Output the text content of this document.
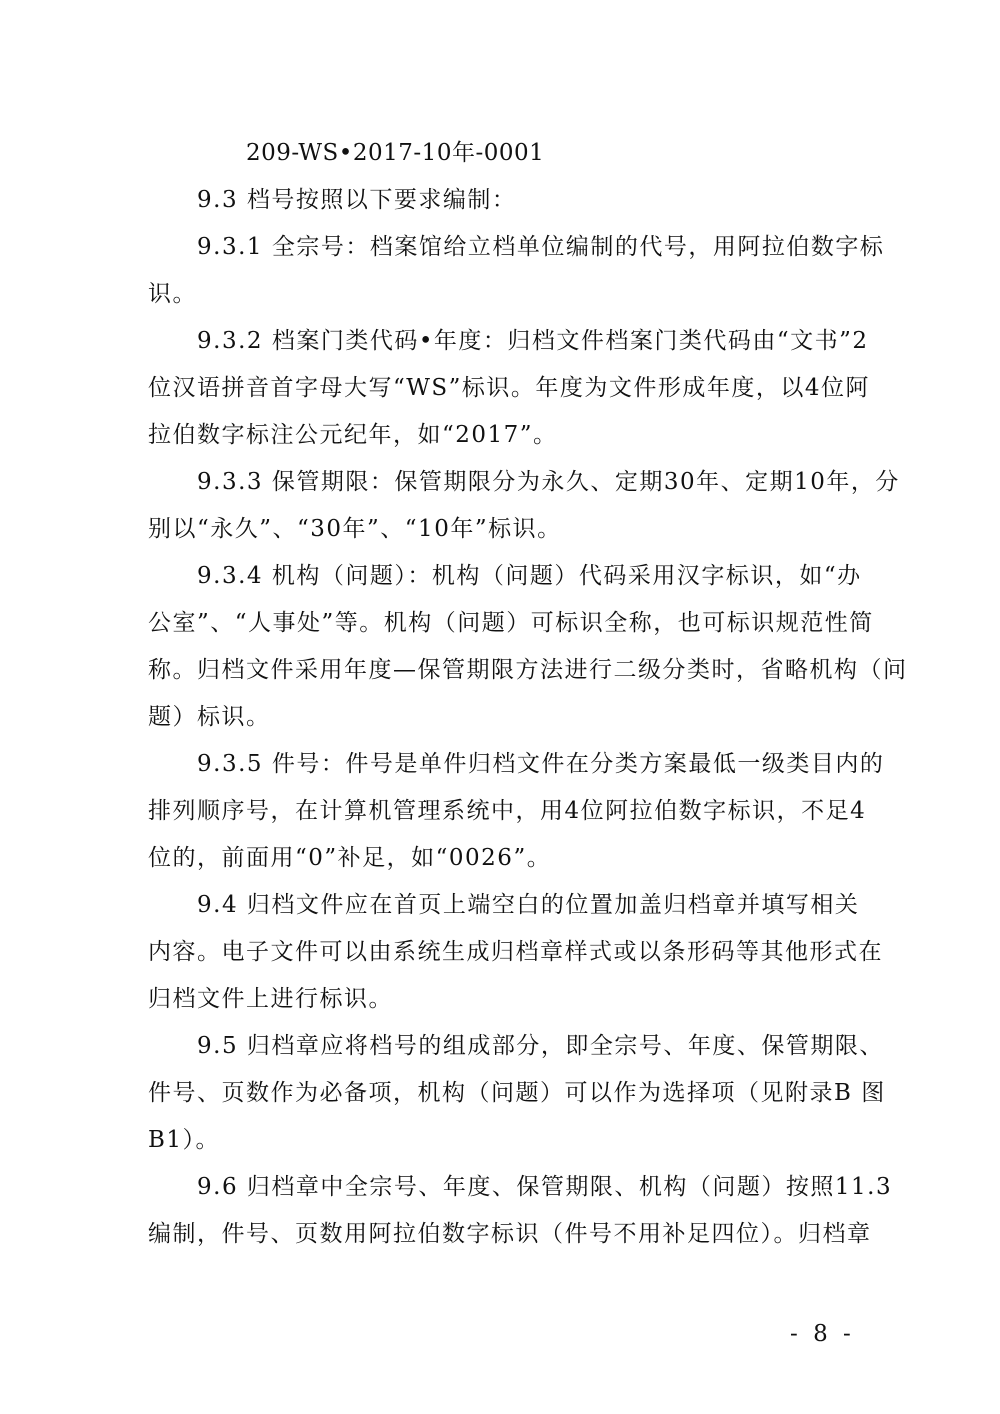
209-WS•2017-10年-0001
9.3 档号按照以下要求编制：
9.3.1 全宗号：档案馆给立档单位编制的代号，用阿拉伯数字标
识。
9.3.2 档案门类代码•年度：归档文件档案门类代码由“文书”2
位汉语拼音首字母大写“WS”标识。年度为文件形成年度，以4位阿
拉伯数字标注公元纪年，如“2017”。
9.3.3 保管期限：保管期限分为永久、定期30年、定期10年，分
别以“永久”、“30年”、“10年”标识。
9.3.4 机构（问题）：机构（问题）代码采用汉字标识，如“办
公室”、“人事处”等。机构（问题）可标识全称，也可标识规范性简
称。归档文件采用年度—保管期限方法进行二级分类时，省略机构（问
题）标识。
9.3.5 件号：件号是单件归档文件在分类方案最低一级类目内的
排列顺序号，在计算机管理系统中，用4位阿拉伯数字标识，不足4
位的，前面用“0”补足，如“0026”。
9.4 归档文件应在首页上端空白的位置加盖归档章并填写相关
内容。电子文件可以由系统生成归档章样式或以条形码等其他形式在
归档文件上进行标识。
9.5 归档章应将档号的组成部分，即全宗号、年度、保管期限、
件号、页数作为必备项，机构（问题）可以作为选择项（见附录B 图
B1）。
9.6 归档章中全宗号、年度、保管期限、机构（问题）按照11.3
编制，件号、页数用阿拉伯数字标识（件号不用补足四位）。归档章
- 8 -
